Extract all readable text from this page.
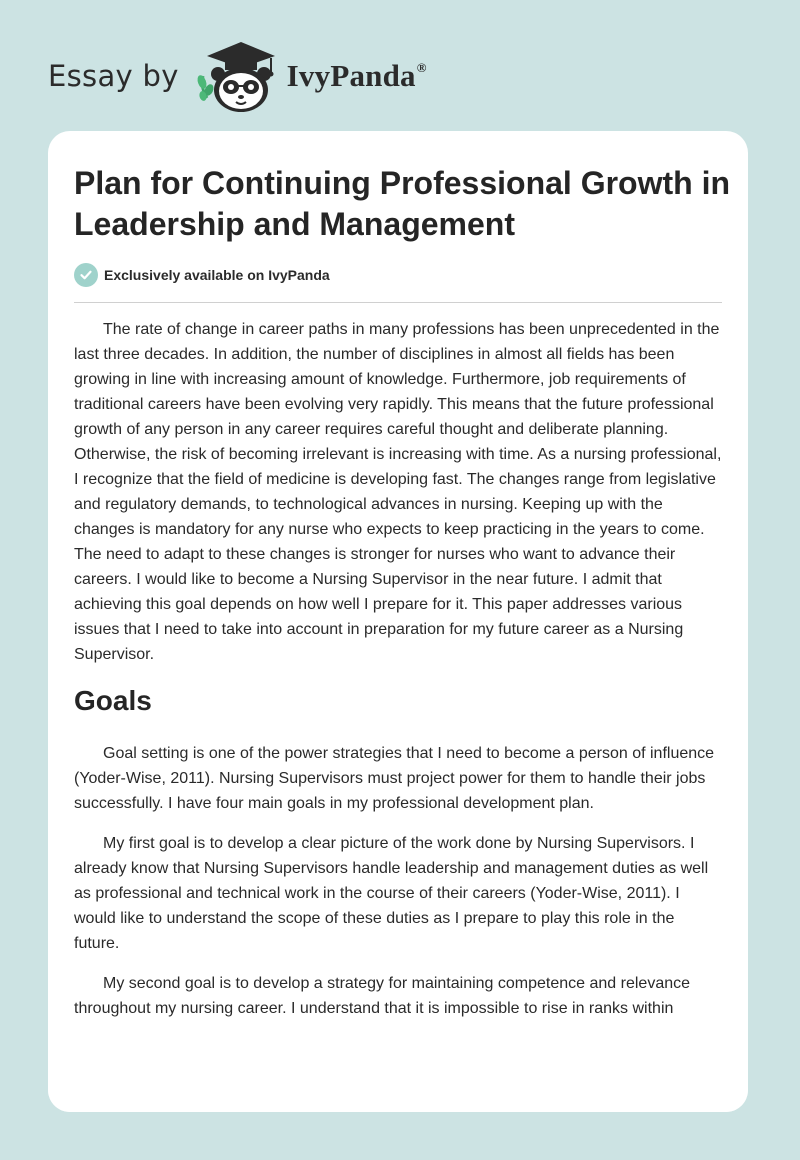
Essay by	IvyPanda®
Plan for Continuing Professional Growth in Leadership and Management
Exclusively available on IvyPanda

The rate of change in career paths in many professions has been unprecedented in the last three decades. In addition, the number of disciplines in almost all fields has been growing in line with increasing amount of knowledge. Furthermore, job requirements of traditional careers have been evolving very rapidly. This means that the future professional growth of any person in any career requires careful thought and deliberate planning. Otherwise, the risk of becoming irrelevant is increasing with time. As a nursing professional, I recognize that the field of medicine is developing fast. The changes range from legislative and regulatory demands, to technological advances in nursing. Keeping up with the changes is mandatory for any nurse who expects to keep practicing in the years to come. The need to adapt to these changes is stronger for nurses who want to advance their careers. I would like to become a Nursing Supervisor in the near future. I admit that achieving this goal depends on how well I prepare for it. This paper addresses various issues that I need to take into account in preparation for my future career as a Nursing Supervisor.

Goals

Goal setting is one of the power strategies that I need to become a person of influence (Yoder-Wise, 2011). Nursing Supervisors must project power for them to handle their jobs successfully. I have four main goals in my professional development plan.

My first goal is to develop a clear picture of the work done by Nursing Supervisors. I already know that Nursing Supervisors handle leadership and management duties as well as professional and technical work in the course of their careers (Yoder-Wise, 2011). I would like to understand the scope of these duties as I prepare to play this role in the future.

My second goal is to develop a strategy for maintaining competence and relevance throughout my nursing career. I understand that it is impossible to rise in ranks within
